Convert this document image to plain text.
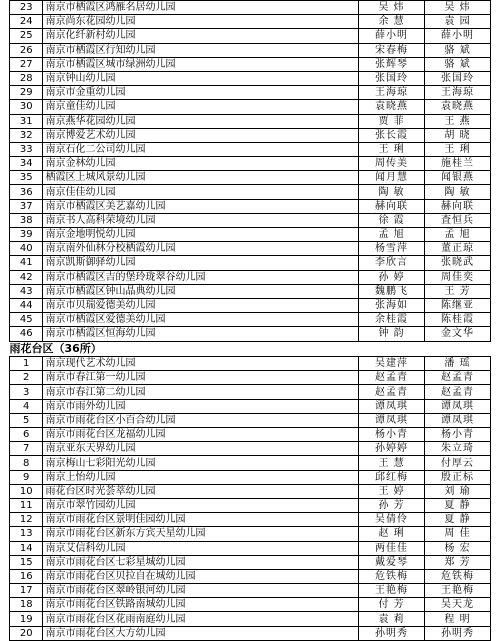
23	南京市栖霞区鸿雁名居幼儿园	吴 炜	吴 炜
24	南京尚东花园幼儿园	余 慧	袁 园
25	南京化纤新村幼儿园	薛小明	薛小明
26	南京市栖霞区行知幼儿园	宋春梅	骆 斌
27	南京市栖霞区城市绿洲幼儿园	张辉琴	骆 斌
28	南京钟山幼儿园	张国玲	张国玲
29	南京市金重幼儿园	王海琼	王海琼
30	南京童佳幼儿园	袁晓燕	袁晓燕
31	南京燕华花园幼儿园	贾 菲	王 燕
32	南京博爱艺术幼儿园	张长霞	胡 晓
33	南京石化二公司幼儿园	王 琍	王 琍
34	南京金林幼儿园	周传美	施桂兰
35	栖霞区上城风景幼儿园	闻月慧	闻银燕
36	南京佳佳幼儿园	陶 敏	陶 敏
37	南京市栖霞区美艺嘉幼儿园	赫向联	赫向联
38	南京书人高科荣境幼儿园	徐 霞	査恒兵
39	南京金地明悦幼儿园	孟 旭	孟 旭
40	南京南外仙林分校栖霞幼儿园	杨雪萍	董正琼
41	南京凯斯御驿幼儿园	李欣言	张晓武
42	南京市栖霞区吉的堡玲珑翠谷幼儿园	孙 婷	周佳奕
43	南京市栖霞区钟山晶典幼儿园	魏鹏飞	王 芳
44	南京市贝瑞爱德美幼儿园	张海如	陈继亚
45	南京市栖霞区爱德美幼儿园	余桂霞	陈桂霞
46	南京市栖霞区恒海幼儿园	钟 韵	金文华
雨花台区（36所）			
1	南京现代艺术幼儿园	吴建萍	潘 瑶
2	南京市春江第一幼儿园	赵孟青	赵孟青
3	南京市春江第二幼儿园	赵孟青	赵孟青
4	南京市雨外幼儿园	谭凤琪	谭凤琪
5	南京市雨花台区小百合幼儿园	谭凤琪	谭凤琪
6	南京市雨花台区龙福幼儿园	杨小青	杨小青
7	南京亚东天界幼儿园	孙婷婷	朱立琦
8	南京梅山七彩阳光幼儿园	王 慧	付厚云
9	南京上怡幼儿园	邱红梅	殷正标
10	雨花台区时光荟萃幼儿园	王 婷	刘 瑜
11	南京市翠竹园幼儿园	孙 芳	夏 静
12	南京市雨花台区景明佳园幼儿园	吴倩伶	夏 静
13	南京市雨花台区新东方宾天星幼儿园	赵 琍	周 佳
14	南京艾信科幼儿园	两佳佳	杨 宏
15	南京市雨花台区七彩星城幼儿园	戴爱琴	郑 芳
16	南京市雨花台区贝拉自在城幼儿园	危铁梅	危铁梅
17	南京市雨花台区翠岭银河幼儿园	王艳梅	王艳梅
18	南京市雨花台区铁路南城幼儿园	付 芳	吴天龙
19	南京市雨花台区花雨南庭幼儿园	袁 莉	程 明
20	南京市雨花台区大方幼儿园	孙明秀	孙明秀
